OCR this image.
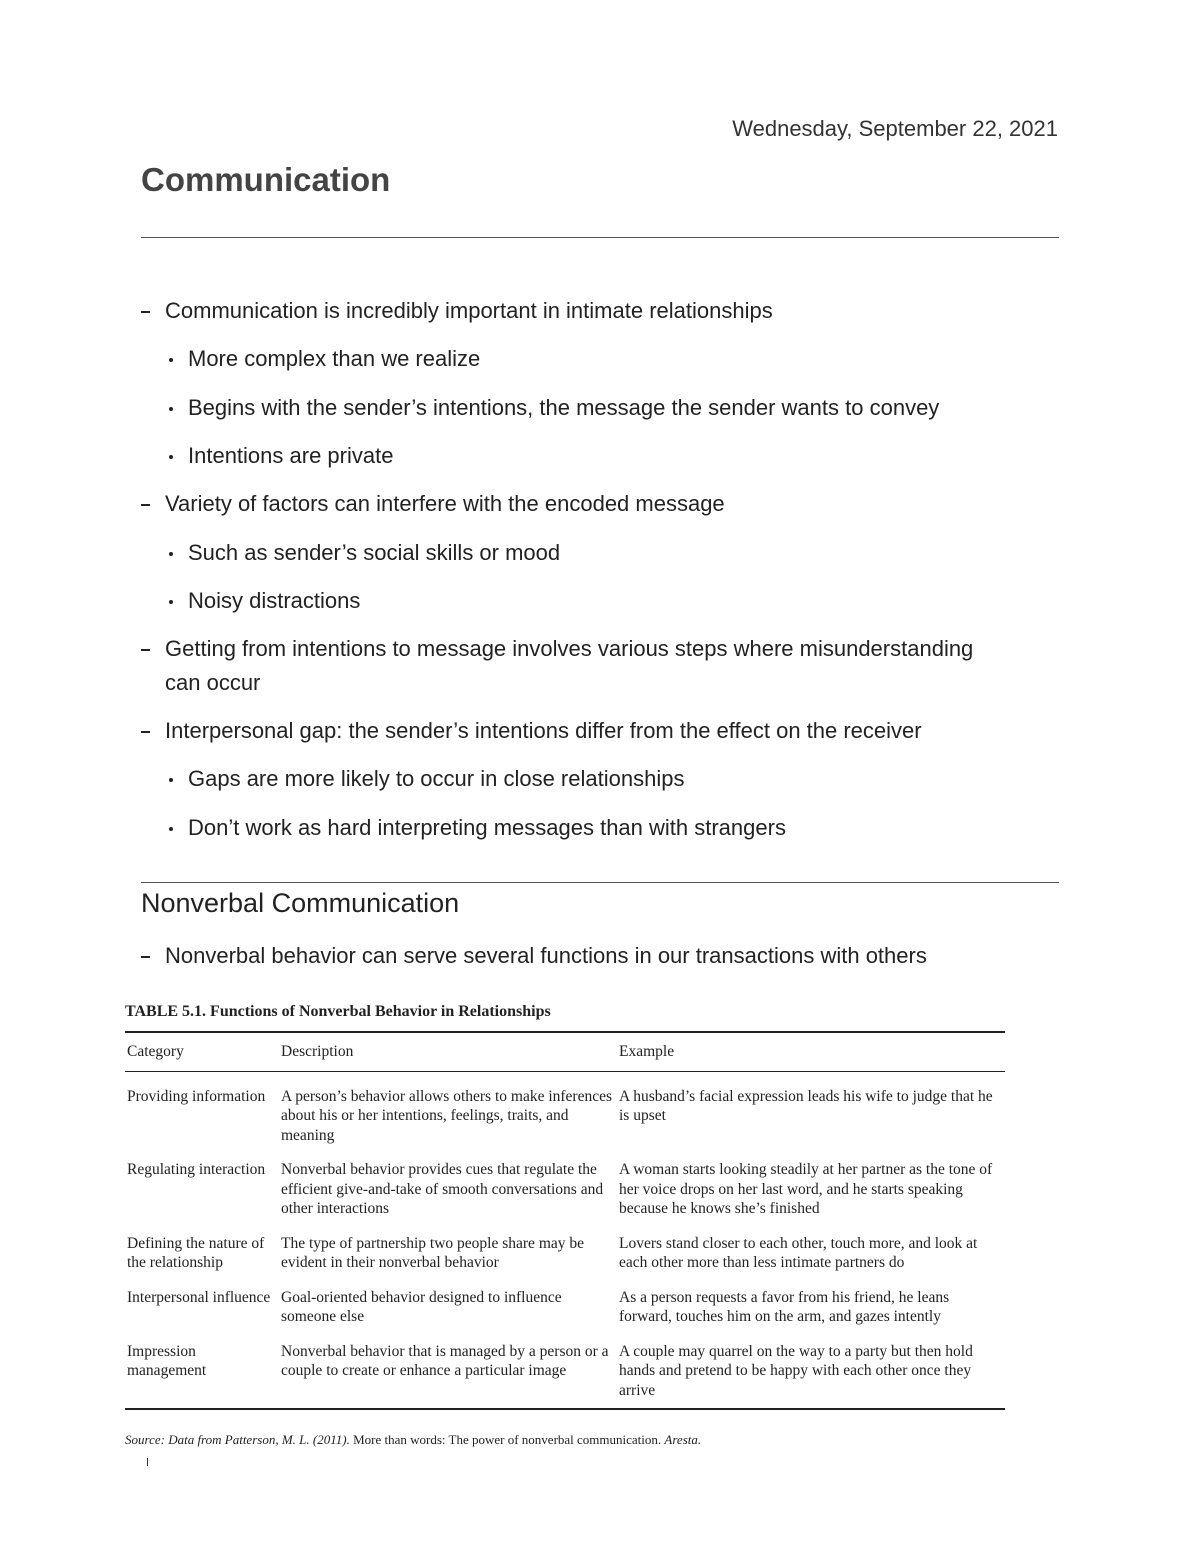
Wednesday, September 22, 2021
Communication
Communication is incredibly important in intimate relationships
More complex than we realize
Begins with the sender’s intentions, the message the sender wants to convey
Intentions are private
Variety of factors can interfere with the encoded message
Such as sender’s social skills or mood
Noisy distractions
Getting from intentions to message involves various steps where misunderstanding
can occur
Interpersonal gap: the sender’s intentions differ from the effect on the receiver
Gaps are more likely to occur in close relationships
Don’t work as hard interpreting messages than with strangers
Nonverbal Communication
Nonverbal behavior can serve several functions in our transactions with others

TABLE 5.1. Functions of Nonverbal Behavior in Relationships

Category	Description	Example
Providing information	A person’s behavior allows others to make inferences about his or her intentions, feelings, traits, and meaning	A husband’s facial expression leads his wife to judge that he is upset
Regulating interaction	Nonverbal behavior provides cues that regulate the efficient give-and-take of smooth conversations and other interactions	A woman starts looking steadily at her partner as the tone of her voice drops on her last word, and he starts speaking because he knows she’s finished
Defining the nature of the relationship	The type of partnership two people share may be evident in their nonverbal behavior	Lovers stand closer to each other, touch more, and look at each other more than less intimate partners do
Interpersonal influence	Goal-oriented behavior designed to influence someone else	As a person requests a favor from his friend, he leans forward, touches him on the arm, and gazes intently
Impression management	Nonverbal behavior that is managed by a person or a couple to create or enhance a particular image	A couple may quarrel on the way to a party but then hold hands and pretend to be happy with each other once they arrive
Source: Data from Patterson, M. L. (2011). More than words: The power of nonverbal communication. Aresta.
